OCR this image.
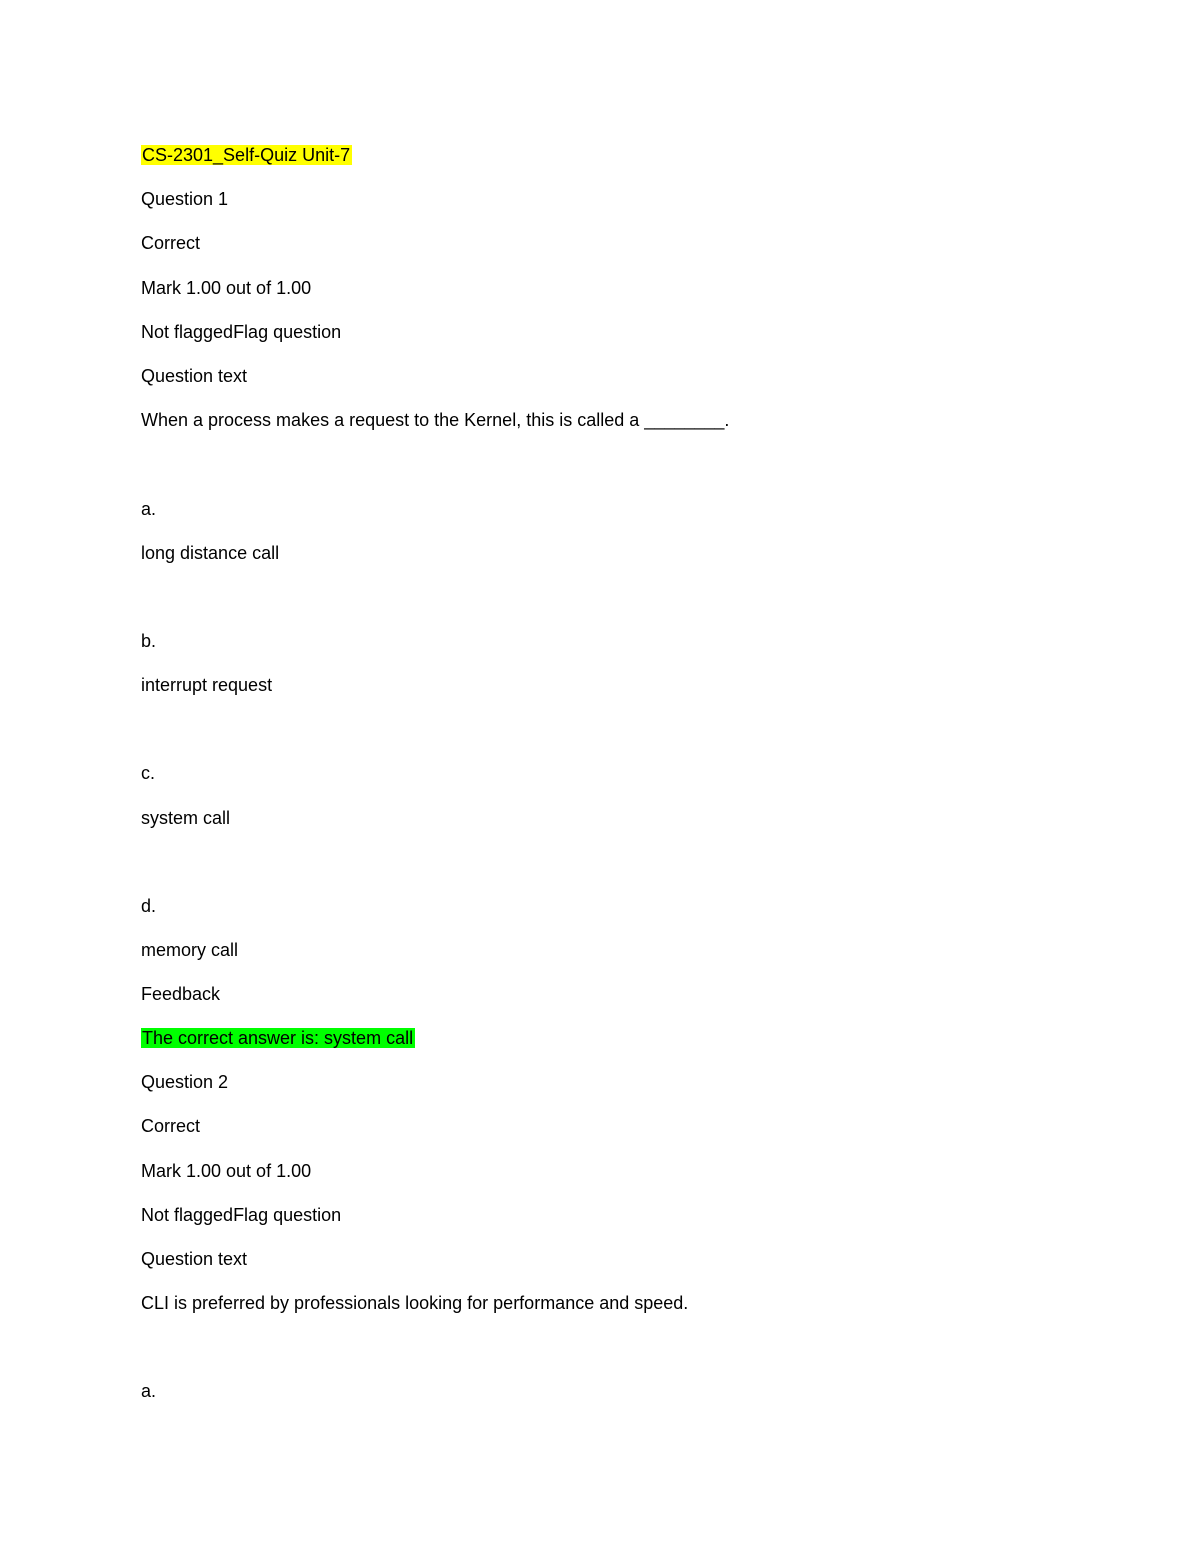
CS-2301_Self-Quiz Unit-7
Question 1
Correct
Mark 1.00 out of 1.00
Not flaggedFlag question
Question text
When a process makes a request to the Kernel, this is called a ________.
a.
long distance call
b.
interrupt request
c.
system call
d.
memory call
Feedback
The correct answer is: system call
Question 2
Correct
Mark 1.00 out of 1.00
Not flaggedFlag question
Question text
CLI is preferred by professionals looking for performance and speed.
a.
